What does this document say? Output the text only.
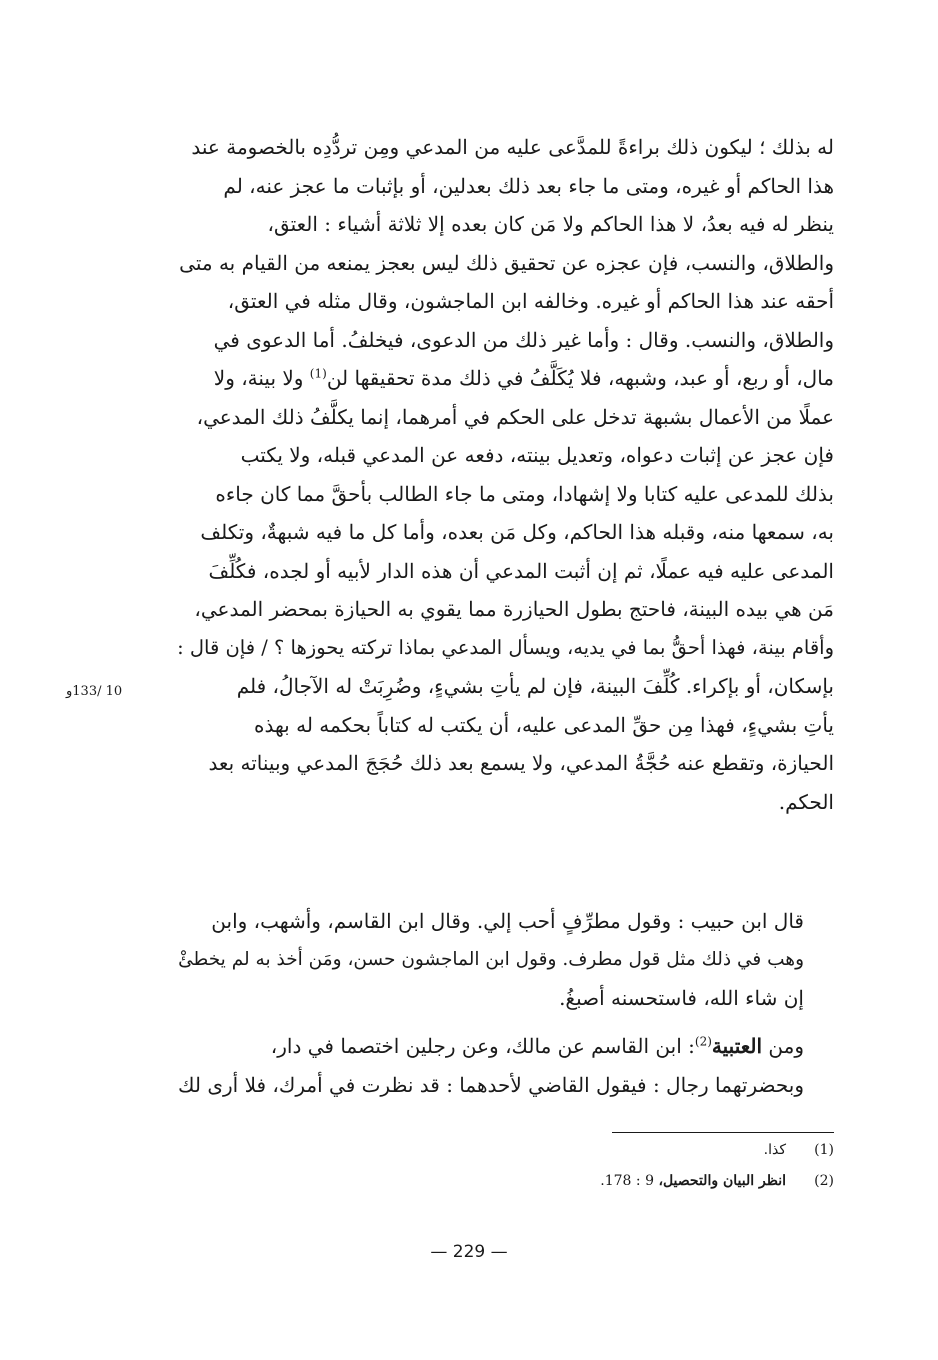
له بذلك ؛ ليكون ذلك براءةً للمدَّعى عليه من المدعي ومِن تردُّدِه بالخصومة عند
هذا الحاكم أو غيره، ومتى ما جاء بعد ذلك بعدلين، أو بإثبات ما عجز عنه، لم
ينظر له فيه بعدُ، لا هذا الحاكم ولا مَن كان بعده إلا ثلاثة أشياء : العتق،
والطلاق، والنسب، فإن عجزه عن تحقيق ذلك ليس بعجز يمنعه من القيام به متى
أحقه عند هذا الحاكم أو غيره. وخالفه ابن الماجشون، وقال مثله في العتق،
والطلاق، والنسب. وقال : وأما غير ذلك من الدعوى، فيخلفُ. أما الدعوى في
مال، أو ربع، أو عبد، وشبهه، فلا يُكَلَّفُ في ذلك مدة تحقيقها لن$^{(1)}$ ولا بينة، ولا
عملًا من الأعمال بشبهة تدخل على الحكم في أمرهما، إنما يكلَّفُ ذلك المدعي،
فإن عجز عن إثبات دعواه، وتعديل بينته، دفعه عن المدعي قبله، ولا يكتب
بذلك للمدعى عليه كتابا ولا إشهادا، ومتى ما جاء الطالب بأحقَّ مما كان جاءه
به، سمعها منه، وقبله هذا الحاكم، وكل مَن بعده، وأما كل ما فيه شبهةٌ، وتكلف
المدعى عليه فيه عملًا، ثم إن أثبت المدعي أن هذه الدار لأبيه أو لجده، فكُلِّفَ
مَن هي بيده البينة، فاحتج بطول الحيازرة مما يقوي به الحيازة بمحضر المدعي،
وأقام بينة، فهذا أحقُّ بما في يديه، ويسأل المدعي بماذا تركته يحوزها ؟ / فإن قال :
بإسكان، أو بإكراء. كُلِّفَ البينة، فإن لم يأتِ بشيءٍ، وضُرِبَتْ له الآجالُ، فلم
يأتِ بشيءٍ، فهذا مِن حقِّ المدعى عليه، أن يكتب له كتاباً بحكمه له بهذه
الحيازة، وتقطع عنه حُجَّةُ المدعي، ولا يسمع بعد ذلك حُجَجَ المدعي وبيناته بعد
الحكم.
10 /133و
قال ابن حبيب : وقول مطرِّفٍ أحب إلي. وقال ابن القاسم، وأشهب، وابن
وهب في ذلك مثل قول مطرف. وقول ابن الماجشون حسن، ومَن أخذ به لم يخطئْ
إن شاء الله، فاستحسنه أصبغُ.
ومن العتبية$^{(2)}$: ابن القاسم عن مالك، وعن رجلين اختصما في دار،
وبحضرتهما رجال : فيقول القاضي لأحدهما : قد نظرت في أمرك، فلا أرى لك
(1)كذا.
(2)انظر البيان والتحصيل، 9 : 178.
— 229 —
